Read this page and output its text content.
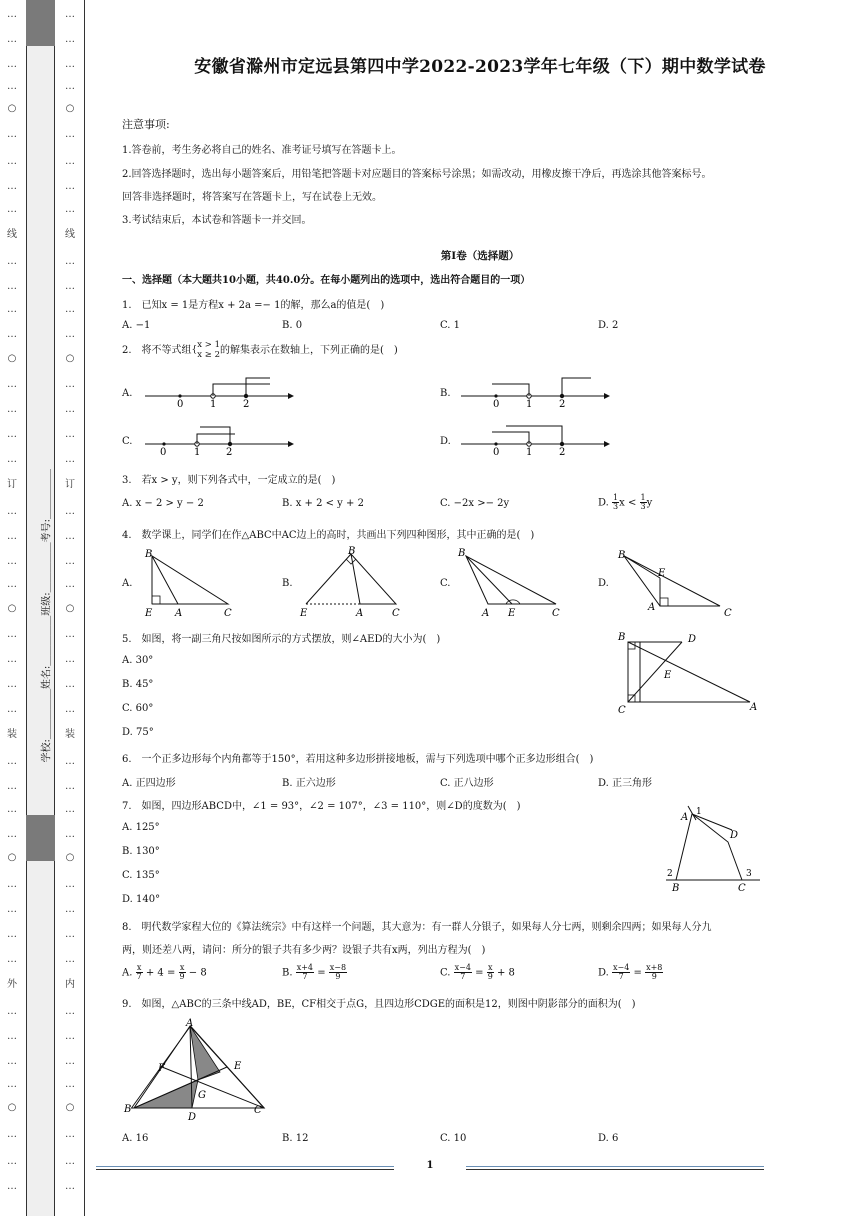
…
…
…
…
○
…
…
…
…
线
…
…
…
…
○
…
…
…
…
订
…
…
…
…
○
…
…
…
…
装
…
…
…
…
○
…
…
…
…
外
…
…
…
…
○
…
…
…
学校:＿＿＿＿＿姓名:＿＿＿＿＿班级:＿＿＿＿＿考号:＿＿＿＿＿
…
…
…
…
○
…
…
…
…
线
…
…
…
…
○
…
…
…
…
订
…
…
…
…
○
…
…
…
…
装
…
…
…
…
○
…
…
…
…
内
…
…
…
…
○
…
…
…
安徽省滁州市定远县第四中学2022-2023学年七年级（下）期中数学试卷
注意事项:
1.答卷前，考生务必将自己的姓名、准考证号填写在答题卡上。
2.回答选择题时，选出每小题答案后，用铅笔把答题卡对应题目的答案标号涂黑；如需改动，用橡皮擦干净后，再选涂其他答案标号。
回答非选择题时，将答案写在答题卡上，写在试卷上无效。
3.考试结束后，本试卷和答题卡一并交回。
第Ⅰ卷（选择题）
一、选择题（本大题共10小题，共40.0分。在每小题列出的选项中，选出符合题目的一项）
1.　已知x = 1是方程x + 2a =− 1的解，那么a的值是(　)
A. −1	B. 0	C. 1	D. 2
2.　将不等式组{ x > 1
x ≥ 2 的解集表示在数轴上，下列正确的是(　)
A.	B.
C.	D.
0	1	2	0	1	2
0	1	2	0	1	2
3.　若x > y，则下列各式中，一定成立的是(　)
A. x − 2 > y − 2	B. x + 2 < y + 2	C. −2x >− 2y	D. $\frac{1}{3}$ $x < \frac{1}{3}$ y
4.　数学课上，同学们在作△ABC中AC边上的高时，共画出下列四种图形，其中正确的是(　)
A.	B.	C.	D.
B
E A	C
B
E	A	C
B
A E	C
B
E
A
C
5.　如图，将一副三角尺按如图所示的方式摆放，则∠AED的大小为(　)
A. 30°
B. 45°
C. 60°
D. 75°
B	D
E
C	A
6.　一个正多边形每个内角都等于150°，若用这种多边形拼接地板，需与下列选项中哪个正多边形组合(　)
A. 正四边形	B. 正六边形	C. 正八边形	D. 正三角形
7.　如图，四边形ABCD中，∠1 = 93°，∠2 = 107°，∠3 = 110°，则∠D的度数为(　)
A. 125°
B. 130°
C. 135°
D. 140°
A 1
D
2	3
B	C
8.　明代数学家程大位的《算法统宗》中有这样一个问题，其大意为：有一群人分银子，如果每人分七两，则剩余四两；如果每人分九
两，则还差八两，请问：所分的银子共有多少两？设银子共有x两，列出方程为(　)
A. $\frac{x}{7} + 4 = \frac{x}{9} - 8$	B. $\frac{x+4}{7} = \frac{x-8}{9}$	C. $\frac{x-4}{7} = \frac{x}{9} + 8$	D. $\frac{x-4}{7} = \frac{x+8}{9}$
9.　如图，△ABC的三条中线AD，BE，CF相交于点G，且四边形CDGE的面积是12，则图中阴影部分的面积为(　)
A
F	E
G
B
D
C
A. 16	B. 12	C. 10	D. 6
1
